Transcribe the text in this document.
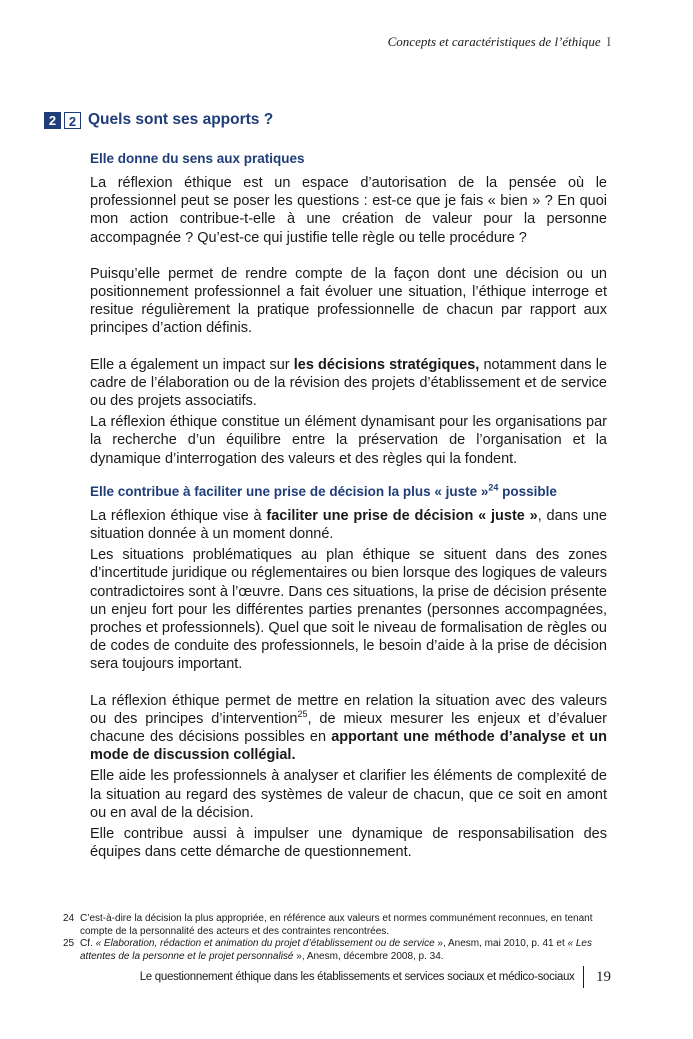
Concepts et caractéristiques de l’éthique I
2 2 Quels sont ses apports ?
Elle donne du sens aux pratiques

La réflexion éthique est un espace d’autorisation de la pensée où le professionnel peut se poser les questions : est-ce que je fais « bien » ? En quoi mon action contribue-t-elle à une création de valeur pour la personne accompagnée ? Qu’est-ce qui justifie telle règle ou telle procédure ?

Puisqu’elle permet de rendre compte de la façon dont une décision ou un positionnement professionnel a fait évoluer une situation, l’éthique interroge et resitue régulièrement la pratique professionnelle de chacun par rapport aux principes d’action définis.

Elle a également un impact sur les décisions stratégiques, notamment dans le cadre de l’élaboration ou de la révision des projets d’établissement et de service ou des projets associatifs.

La réflexion éthique constitue un élément dynamisant pour les organisations par la recherche d’un équilibre entre la préservation de l’organisation et la dynamique d’interrogation des valeurs et des règles qui la fondent.

Elle contribue à faciliter une prise de décision la plus « juste »$^{24}$ possible

La réflexion éthique vise à faciliter une prise de décision « juste », dans une situation donnée à un moment donné.

Les situations problématiques au plan éthique se situent dans des zones d’incertitude juridique ou réglementaires ou bien lorsque des logiques de valeurs contradictoires sont à l’œuvre. Dans ces situations, la prise de décision présente un enjeu fort pour les différentes parties prenantes (personnes accompagnées, proches et professionnels). Quel que soit le niveau de formalisation de règles ou de codes de conduite des professionnels, le besoin d’aide à la prise de décision sera toujours important.

La réflexion éthique permet de mettre en relation la situation avec des valeurs ou des principes d’intervention$^{25}$, de mieux mesurer les enjeux et d’évaluer chacune des décisions possibles en apportant une méthode d’analyse et un mode de discussion collégial.

Elle aide les professionnels à analyser et clarifier les éléments de complexité de la situation au regard des systèmes de valeur de chacun, que ce soit en amont ou en aval de la décision.

Elle contribue aussi à impulser une dynamique de responsabilisation des équipes dans cette démarche de questionnement.

24 C’est-à-dire la décision la plus appropriée, en référence aux valeurs et normes communément reconnues, en tenant compte de la personnalité des acteurs et des contraintes rencontrées.
25 Cf. « Elaboration, rédaction et animation du projet d’établissement ou de service », Anesm, mai 2010, p. 41 et « Les attentes de la personne et le projet personnalisé », Anesm, décembre 2008, p. 34.
Le questionnement éthique dans les établissements et services sociaux et médico-sociaux 19
